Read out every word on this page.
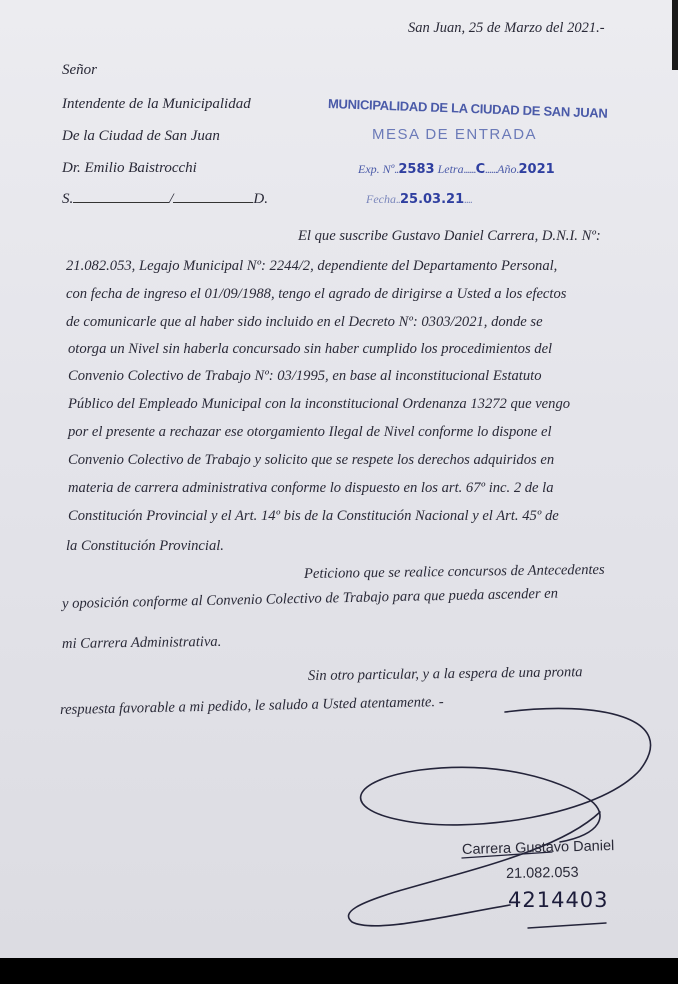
San Juan, 25 de Marzo del 2021.-
Señor
Intendente de la Municipalidad
De la Ciudad de San Juan
Dr. Emilio Baistrocchi
S.	/	D.
MUNICIPALIDAD DE LA CIUDAD DE SAN JUAN
MESA DE ENTRADA
Exp. Nº..2583 Letra......C......Año.2021
Fecha..25.03.21....
El que suscribe Gustavo Daniel Carrera, D.N.I. Nº:
21.082.053, Legajo Municipal Nº: 2244/2, dependiente del Departamento Personal,
con fecha de ingreso el 01/09/1988, tengo el agrado de dirigirse a Usted a los efectos
de comunicarle que al haber sido incluido en el Decreto Nº: 0303/2021, donde se
otorga un Nivel sin haberla concursado sin haber cumplido los procedimientos del
Convenio Colectivo de Trabajo Nº: 03/1995, en base al inconstitucional Estatuto
Público del Empleado Municipal con la inconstitucional Ordenanza 13272 que vengo
por el presente a rechazar ese otorgamiento Ilegal de Nivel conforme lo dispone el
Convenio Colectivo de Trabajo y solicito que se respete los derechos adquiridos en
materia de carrera administrativa conforme lo dispuesto en los art. 67º inc. 2 de la
Constitución Provincial y el Art. 14º bis de la Constitución Nacional y el Art. 45º de
la Constitución Provincial.
Peticiono que se realice concursos de Antecedentes
y oposición conforme al Convenio Colectivo de Trabajo para que pueda ascender en
mi Carrera Administrativa.
Sin otro particular, y a la espera de una pronta
respuesta favorable a mi pedido, le saludo a Usted atentamente. -
Carrera Gustavo Daniel
21.082.053
4214403
